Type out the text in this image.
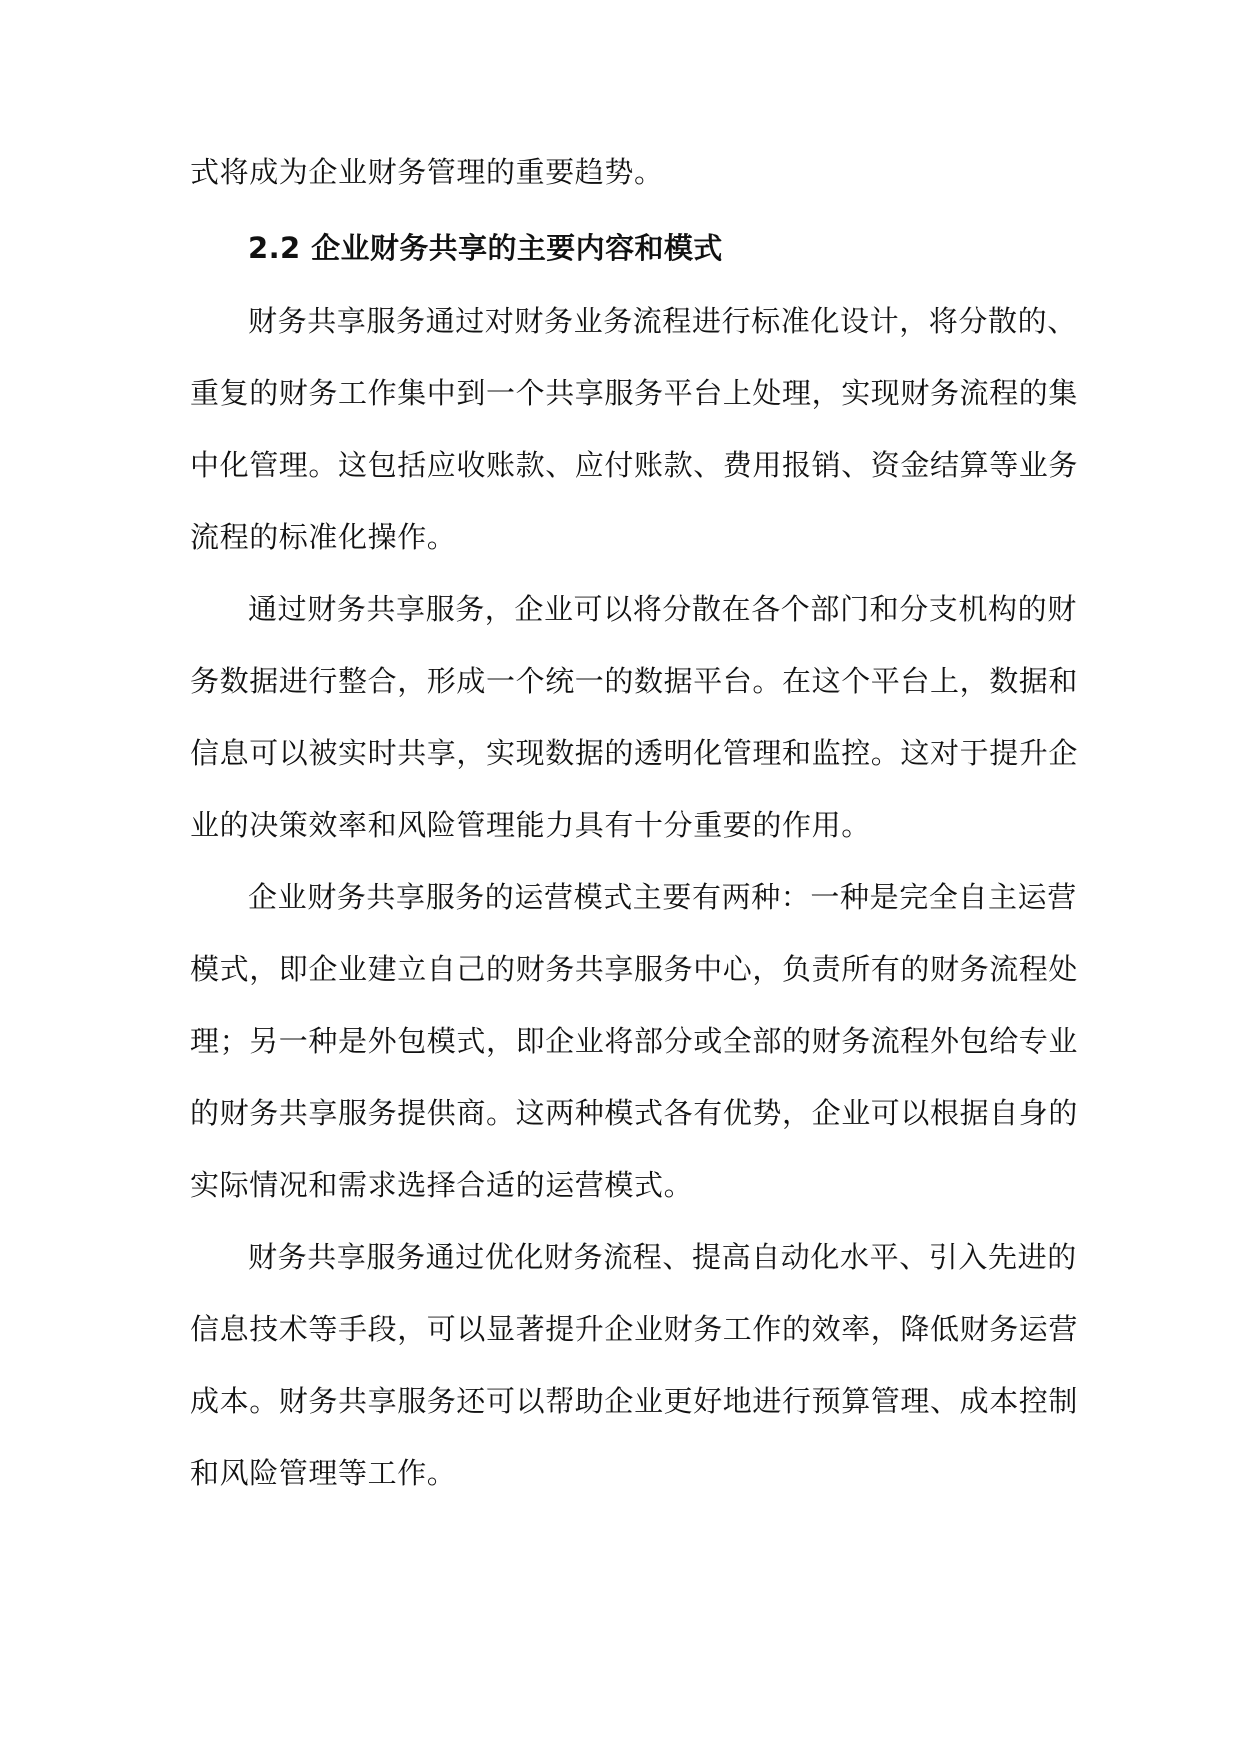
式将成为企业财务管理的重要趋势。
2.2 企业财务共享的主要内容和模式
财务共享服务通过对财务业务流程进行标准化设计，将分散的、
重复的财务工作集中到一个共享服务平台上处理，实现财务流程的集
中化管理。这包括应收账款、应付账款、费用报销、资金结算等业务
流程的标准化操作。
通过财务共享服务，企业可以将分散在各个部门和分支机构的财
务数据进行整合，形成一个统一的数据平台。在这个平台上，数据和
信息可以被实时共享，实现数据的透明化管理和监控。这对于提升企
业的决策效率和风险管理能力具有十分重要的作用。
企业财务共享服务的运营模式主要有两种：一种是完全自主运营
模式，即企业建立自己的财务共享服务中心，负责所有的财务流程处
理；另一种是外包模式，即企业将部分或全部的财务流程外包给专业
的财务共享服务提供商。这两种模式各有优势，企业可以根据自身的
实际情况和需求选择合适的运营模式。
财务共享服务通过优化财务流程、提高自动化水平、引入先进的
信息技术等手段，可以显著提升企业财务工作的效率，降低财务运营
成本。财务共享服务还可以帮助企业更好地进行预算管理、成本控制
和风险管理等工作。
